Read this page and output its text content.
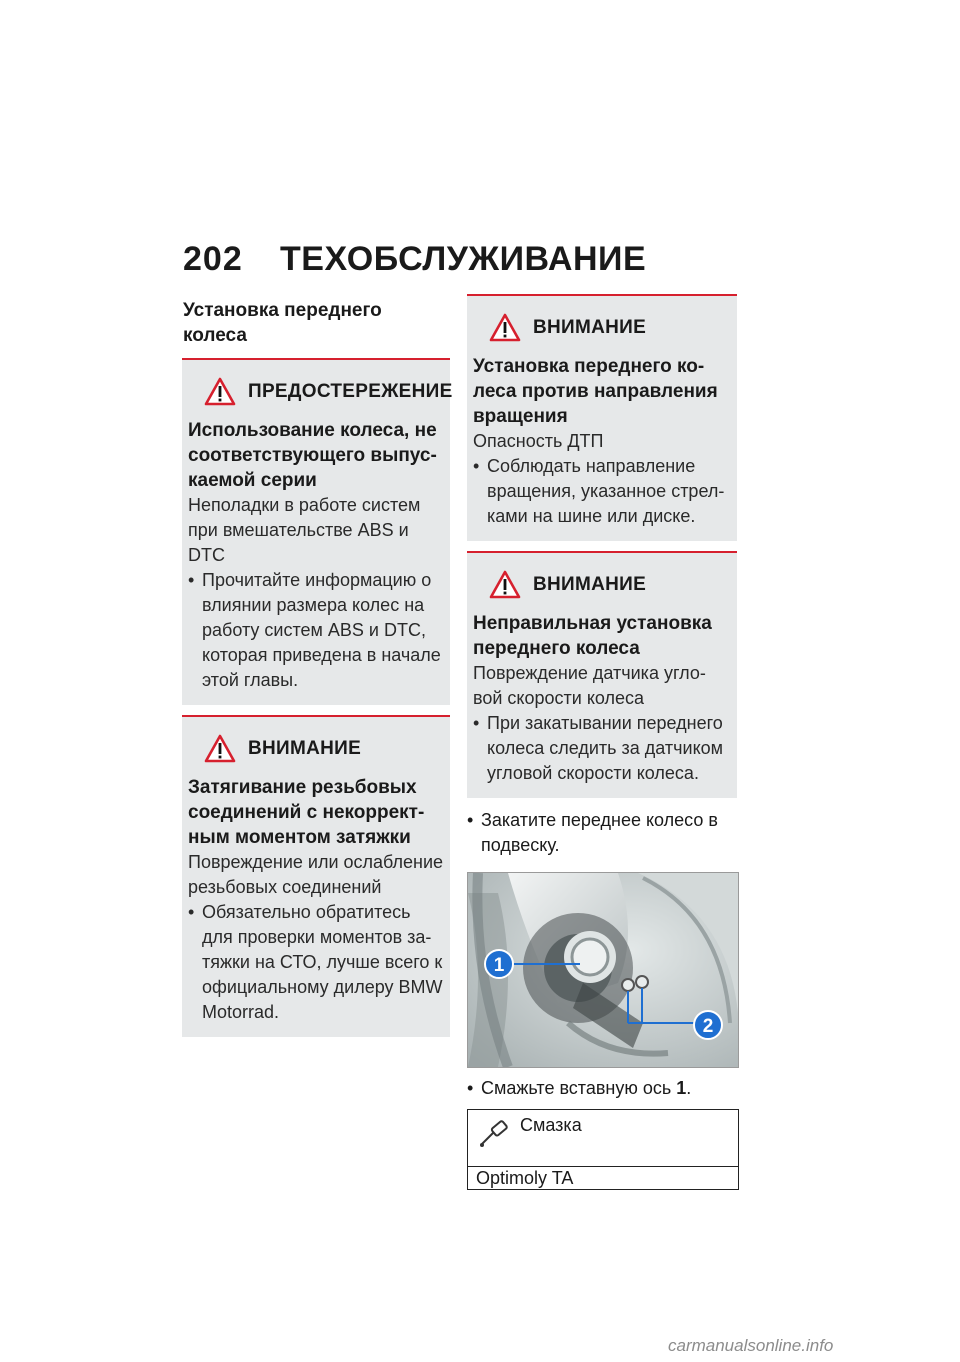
202 ТЕХОБСЛУЖИВАНИЕ
Установка переднего колеса
ПРЕДОСТЕРЕЖЕНИЕ
Использование колеса, не соответствующего выпус-каемой серии
Неполадки в работе систем при вмешательстве ABS и DTC
• Прочитайте информацию о влиянии размера колес на работу систем ABS и DTC, которая приведена в начале этой главы.
ВНИМАНИЕ
Затягивание резьбовых соединений с некоррект-ным моментом затяжки
Повреждение или ослабление резьбовых соединений
• Обязательно обратитесь для проверки моментов за-тяжки на СТО, лучше всего к официальному дилеру BMW Motorrad.
ВНИМАНИЕ
Установка переднего ко-леса против направления вращения
Опасность ДТП
• Соблюдать направление вращения, указанное стрел-ками на шине или диске.
ВНИМАНИЕ
Неправильная установка переднего колеса
Повреждение датчика угло-вой скорости колеса
• При закатывании переднего колеса следить за датчиком угловой скорости колеса.
• Закатите переднее колесо в подвеску.
1
2
• Смажьте вставную ось 1.
Смазка
Optimoly TA
carmanualsonline.info
